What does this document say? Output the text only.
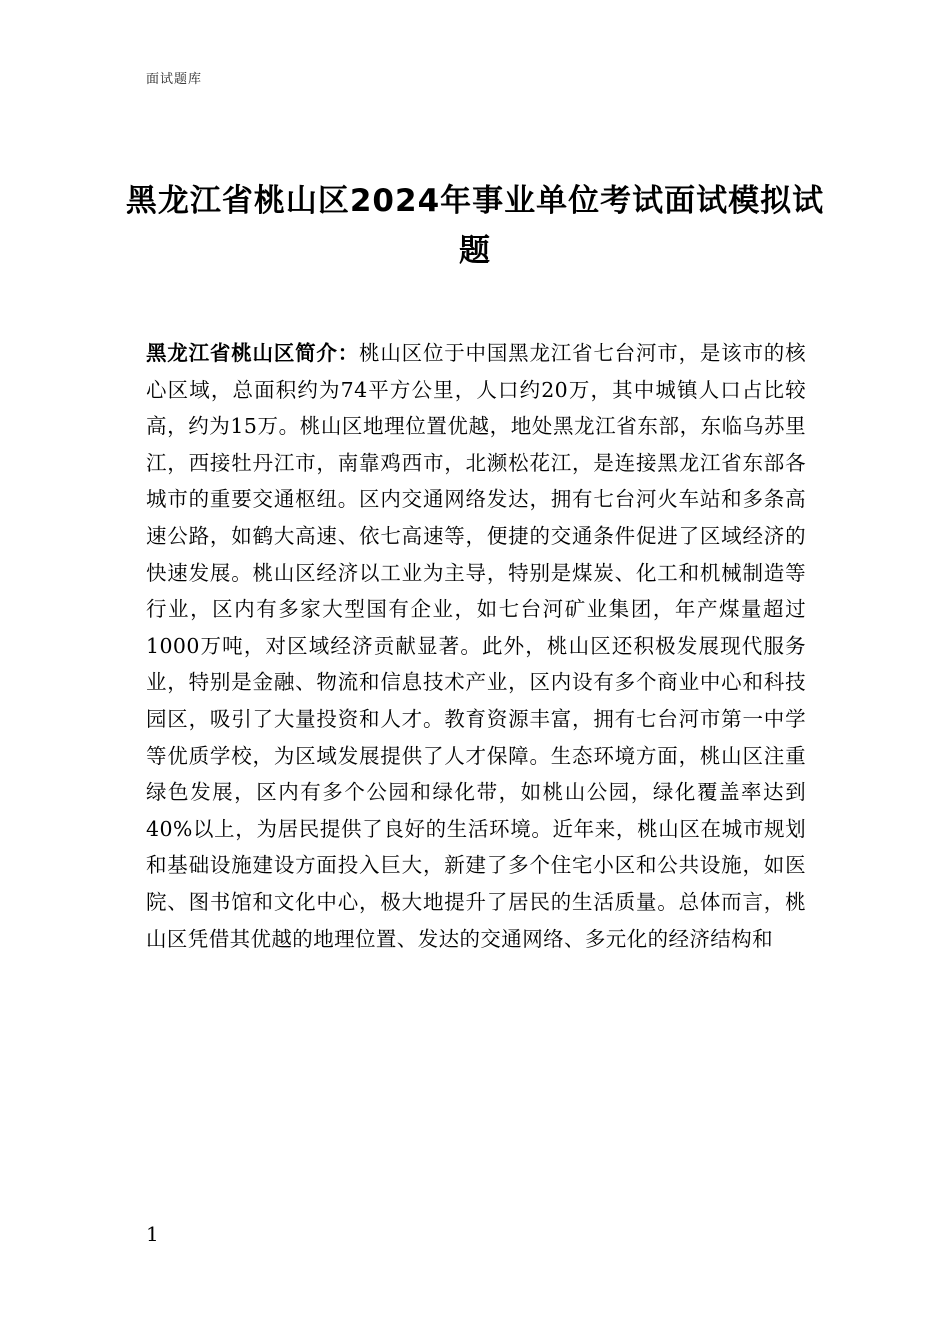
面试题库
黑龙江省桃山区2024年事业单位考试面试模拟试题

黑龙江省桃山区简介：桃山区位于中国黑龙江省七台河市，是该市的核心区域，总面积约为74平方公里，人口约20万，其中城镇人口占比较高，约为15万。桃山区地理位置优越，地处黑龙江省东部，东临乌苏里江，西接牡丹江市，南靠鸡西市，北濒松花江，是连接黑龙江省东部各城市的重要交通枢纽。区内交通网络发达，拥有七台河火车站和多条高速公路，如鹤大高速、依七高速等，便捷的交通条件促进了区域经济的快速发展。桃山区经济以工业为主导，特别是煤炭、化工和机械制造等行业，区内有多家大型国有企业，如七台河矿业集团，年产煤量超过1000万吨，对区域经济贡献显著。此外，桃山区还积极发展现代服务业，特别是金融、物流和信息技术产业，区内设有多个商业中心和科技园区，吸引了大量投资和人才。教育资源丰富，拥有七台河市第一中学等优质学校，为区域发展提供了人才保障。生态环境方面，桃山区注重绿色发展，区内有多个公园和绿化带，如桃山公园，绿化覆盖率达到40%以上，为居民提供了良好的生活环境。近年来，桃山区在城市规划和基础设施建设方面投入巨大，新建了多个住宅小区和公共设施，如医院、图书馆和文化中心，极大地提升了居民的生活质量。总体而言，桃山区凭借其优越的地理位置、发达的交通网络、多元化的经济结构和

1
